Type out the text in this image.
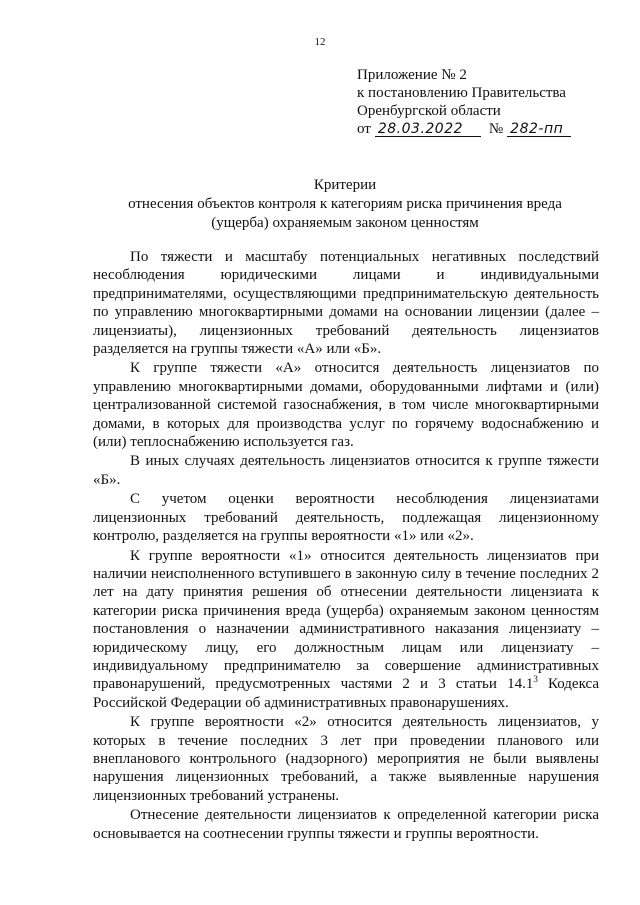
12
Приложение № 2
к постановлению Правительства
Оренбургской области
от 28.03.2022 № 282-пп
Критерии
отнесения объектов контроля к категориям риска причинения вреда
(ущерба) охраняемым законом ценностям

По тяжести и масштабу потенциальных негативных последствий несоблюдения юридическими лицами и индивидуальными предпринимателями, осуществляющими предпринимательскую деятельность по управлению многоквартирными домами на основании лицензии (далее – лицензиаты), лицензионных требований деятельность лицензиатов разделяется на группы тяжести «А» или «Б».

К группе тяжести «А» относится деятельность лицензиатов по управлению многоквартирными домами, оборудованными лифтами и (или) централизованной системой газоснабжения, в том числе многоквартирными домами, в которых для производства услуг по горячему водоснабжению и (или) теплоснабжению используется газ.

В иных случаях деятельность лицензиатов относится к группе тяжести «Б».

С учетом оценки вероятности несоблюдения лицензиатами лицензионных требований деятельность, подлежащая лицензионному контролю, разделяется на группы вероятности «1» или «2».

К группе вероятности «1» относится деятельность лицензиатов при наличии неисполненного вступившего в законную силу в течение последних 2 лет на дату принятия решения об отнесении деятельности лицензиата к категории риска причинения вреда (ущерба) охраняемым законом ценностям постановления о назначении административного наказания лицензиату – юридическому лицу, его должностным лицам или лицензиату – индивидуальному предпринимателю за совершение административных правонарушений, предусмотренных частями 2 и 3 статьи 14.1$^3$ Кодекса Российской Федерации об административных правонарушениях.

К группе вероятности «2» относится деятельность лицензиатов, у которых в течение последних 3 лет при проведении планового или внепланового контрольного (надзорного) мероприятия не были выявлены нарушения лицензионных требований, а также выявленные нарушения лицензионных требований устранены.

Отнесение деятельности лицензиатов к определенной категории риска основывается на соотнесении группы тяжести и группы вероятности.
